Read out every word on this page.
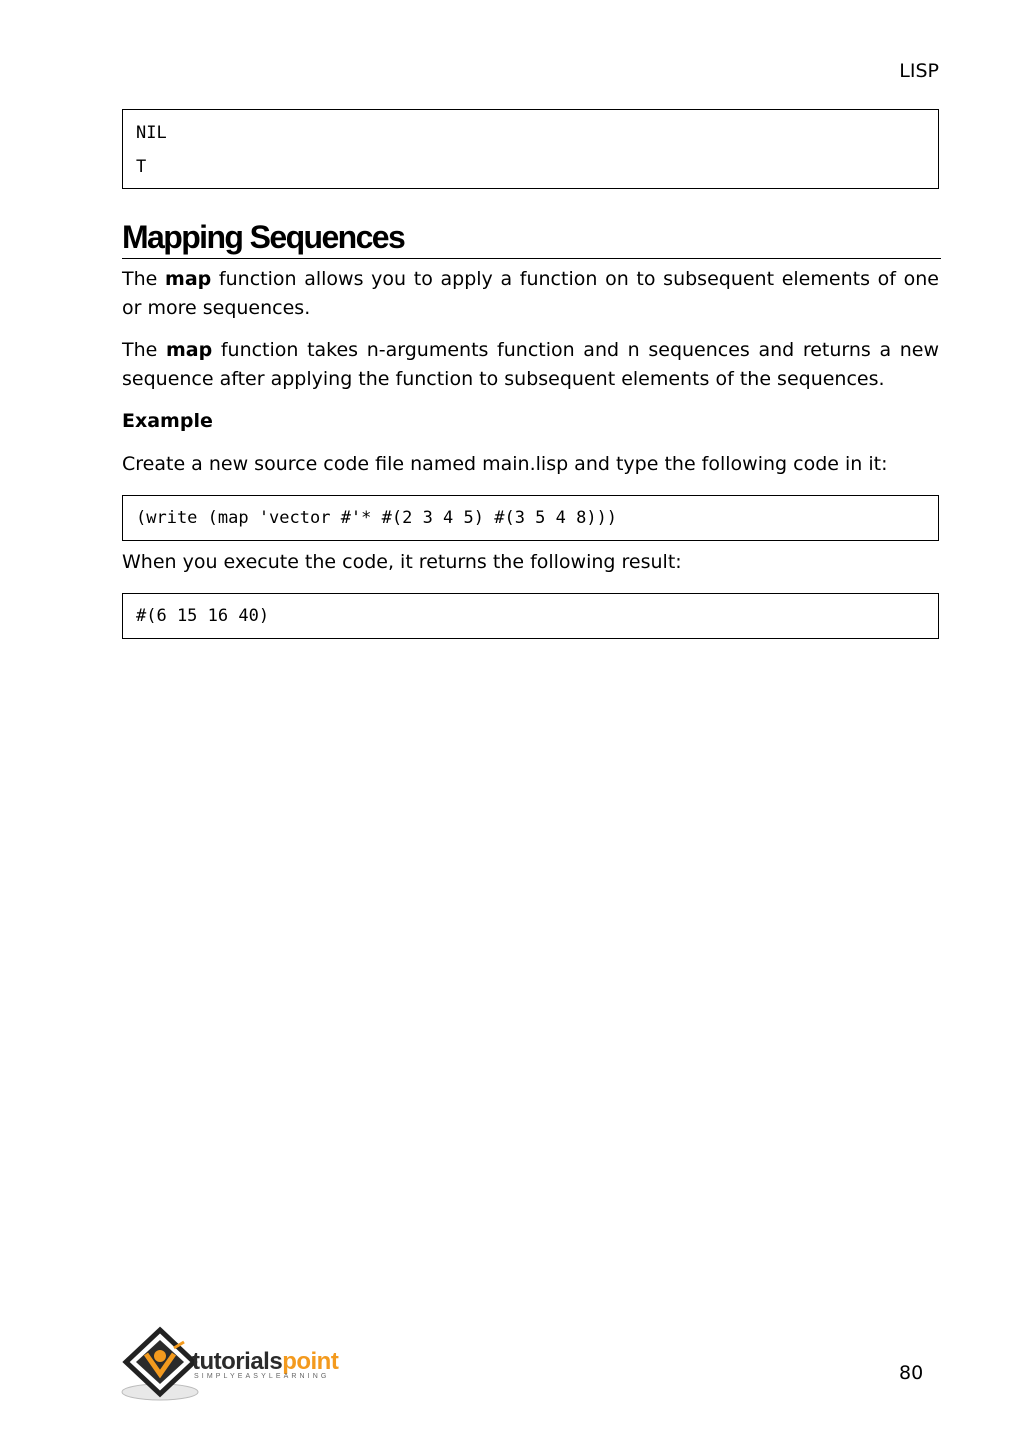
LISP
NIL
T
Mapping Sequences
The map function allows you to apply a function on to subsequent elements of one or more sequences.
The map function takes n-arguments function and n sequences and returns a new sequence after applying the function to subsequent elements of the sequences.
Example
Create a new source code file named main.lisp and type the following code in it:
(write (map 'vector #'* #(2 3 4 5) #(3 5 4 8)))
When you execute the code, it returns the following result:
#(6 15 16 40)
tutorialspoint
SIMPLYEASYLEARNING	80
